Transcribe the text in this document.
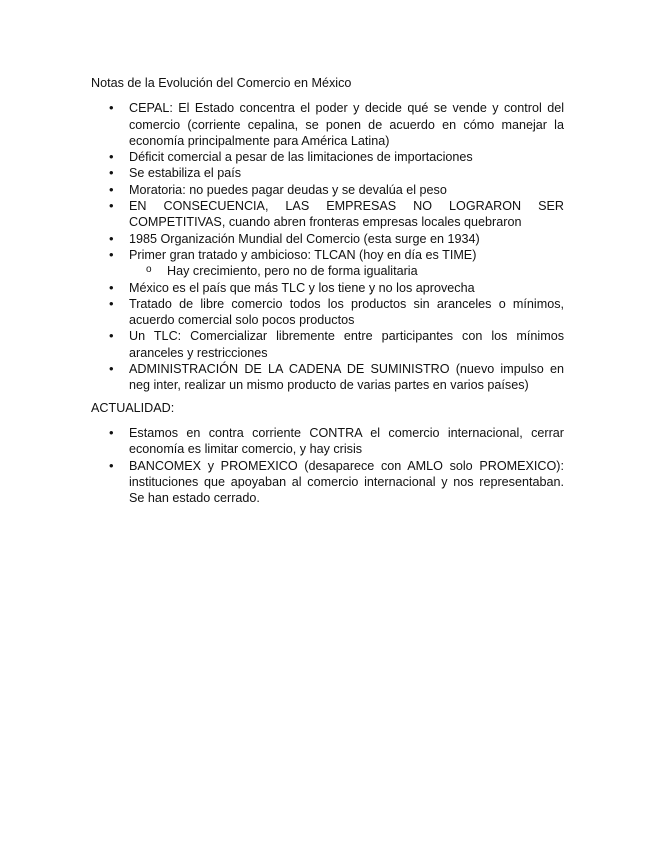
Notas de la Evolución del Comercio en México

• CEPAL: El Estado concentra el poder y decide qué se vende y control del comercio (corriente cepalina, se ponen de acuerdo en cómo manejar la economía principalmente para América Latina)
• Déficit comercial a pesar de las limitaciones de importaciones
• Se estabiliza el país
• Moratoria: no puedes pagar deudas y se devalúa el peso
• EN CONSECUENCIA, LAS EMPRESAS NO LOGRARON SER COMPETITIVAS, cuando abren fronteras empresas locales quebraron
• 1985 Organización Mundial del Comercio (esta surge en 1934)
• Primer gran tratado y ambicioso: TLCAN (hoy en día es TIME)
o Hay crecimiento, pero no de forma igualitaria
• México es el país que más TLC y los tiene y no los aprovecha
• Tratado de libre comercio todos los productos sin aranceles o mínimos, acuerdo comercial solo pocos productos
• Un TLC: Comercializar libremente entre participantes con los mínimos aranceles y restricciones
• ADMINISTRACIÓN DE LA CADENA DE SUMINISTRO (nuevo impulso en neg inter, realizar un mismo producto de varias partes en varios países)

ACTUALIDAD:

• Estamos en contra corriente CONTRA el comercio internacional, cerrar economía es limitar comercio, y hay crisis
• BANCOMEX y PROMEXICO (desaparece con AMLO solo PROMEXICO): instituciones que apoyaban al comercio internacional y nos representaban. Se han estado cerrado.
